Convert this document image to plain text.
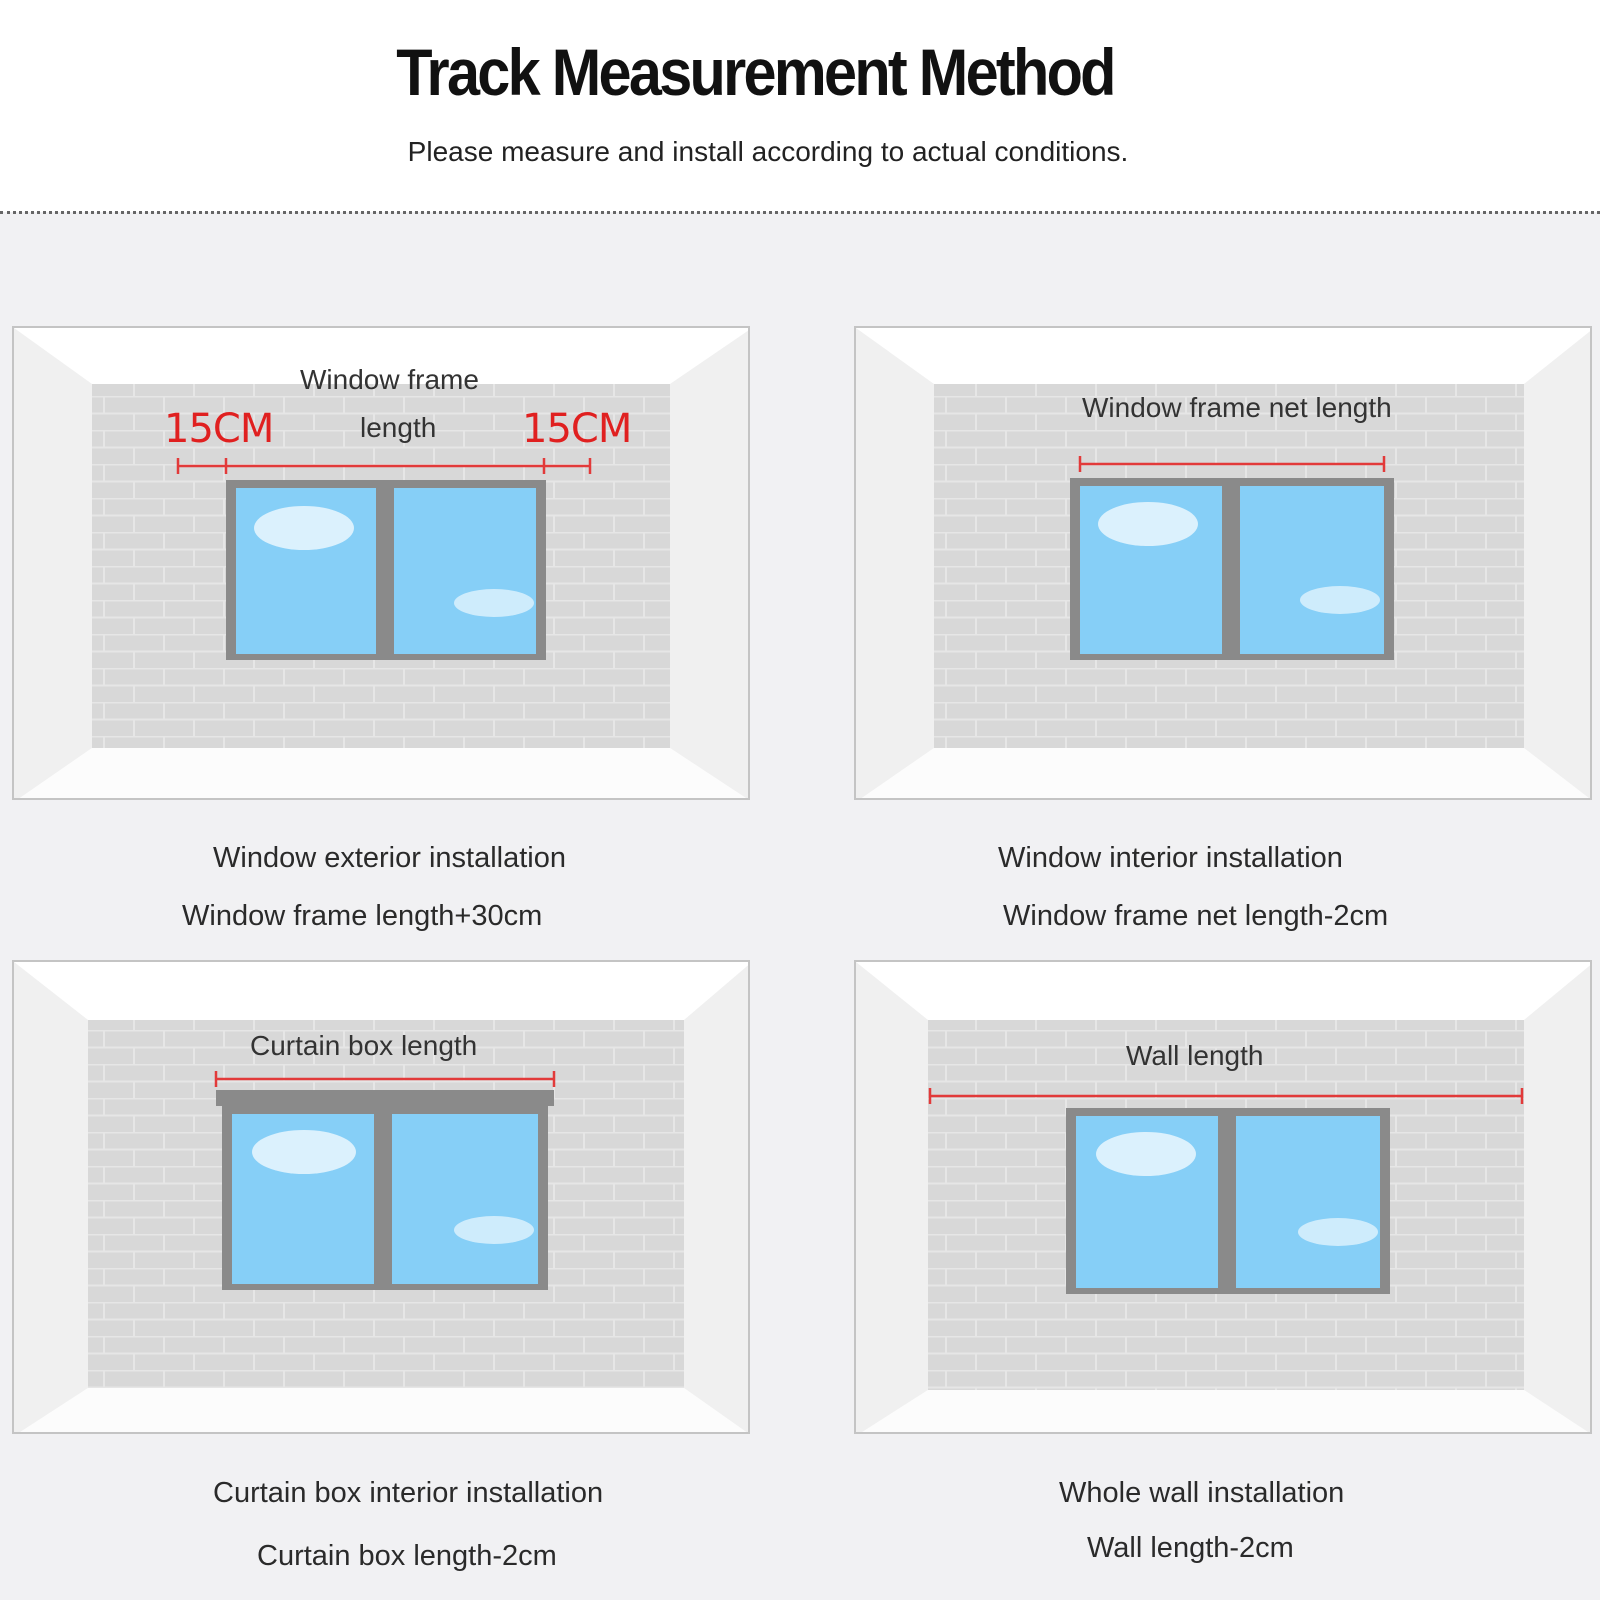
Track Measurement Method
Please measure and install according to actual conditions.
Window frame
length
15CM	15CM
Window exterior installation
Window frame length+30cm
Window frame net length
Window interior installation
Window frame net length-2cm
Curtain box length
Curtain box interior installation
Curtain box length-2cm
Wall length
Whole wall installation
Wall length-2cm
